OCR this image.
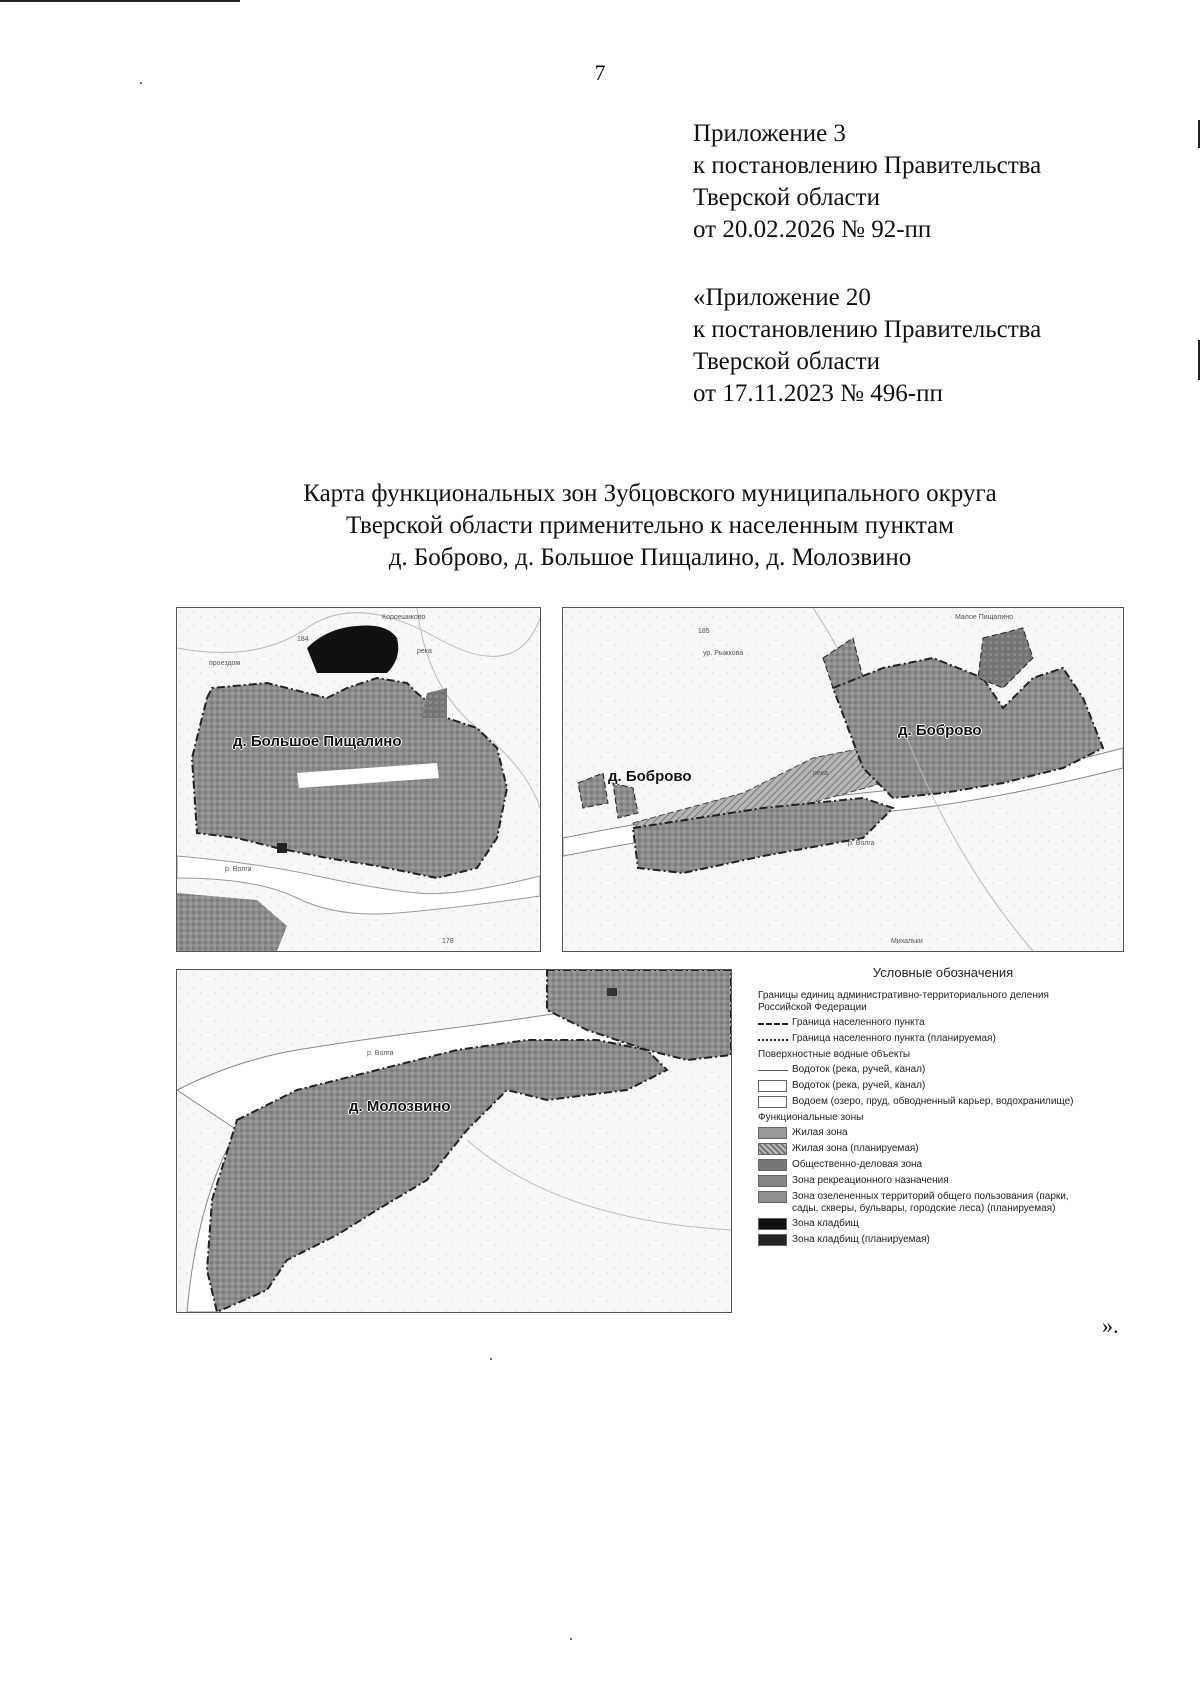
7
Приложение 3
к постановлению Правительства
Тверской области
от 20.02.2026 № 92-пп
«Приложение 20
к постановлению Правительства
Тверской области
от 17.11.2023 № 496-пп
Карта функциональных зон Зубцовского муниципального округа
Тверской области применительно к населенным пунктам
д. Боброво, д. Большое Пищалино, д. Молозвино
д. Большое Пищалино
Корсешиково
184
проездом
река
р. Волга
178
д. Боброво
д. Боброво
Малое Пищалино
185
ур. Рыжкова
р. Волга
река
Михальки
д. Молозвино
р. Волга
Условные обозначения
Границы единиц административно-территориального деления Российской Федерации
Граница населенного пункта
Граница населенного пункта (планируемая)
Поверхностные водные объекты
Водоток (река, ручей, канал)
Водоток (река, ручей, канал)
Водоем (озеро, пруд, обводненный карьер, водохранилище)
Функциональные зоны
Жилая зона
Жилая зона (планируемая)
Общественно-деловая зона
Зона рекреационного назначения
Зона озелененных территорий общего пользования (парки, сады, скверы, бульвары, городские леса) (планируемая)
Зона кладбищ
Зона кладбищ (планируемая)
».
